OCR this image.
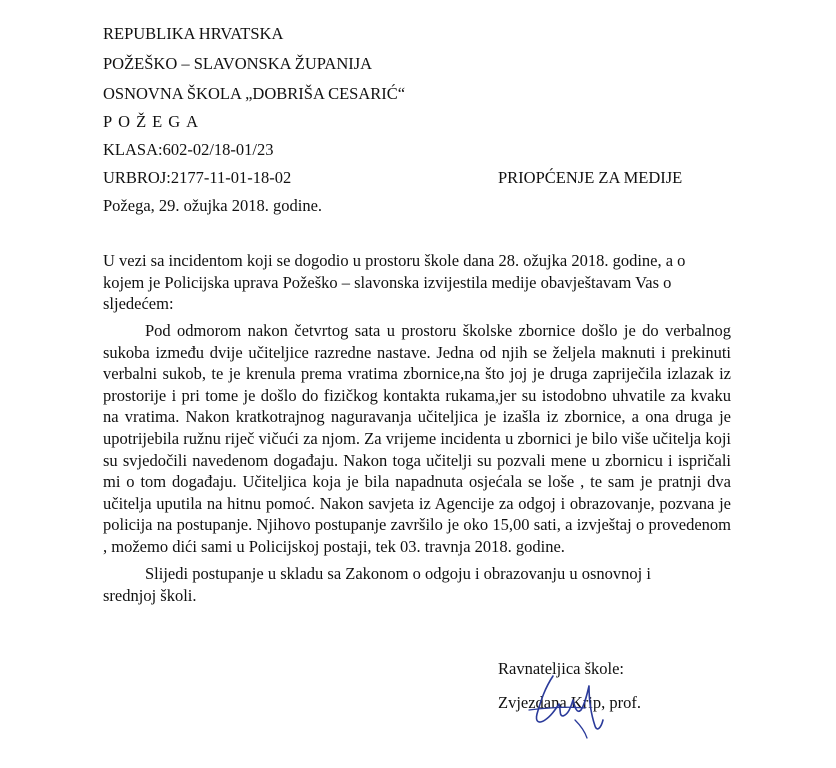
REPUBLIKA HRVATSKA
POŽEŠKO – SLAVONSKA ŽUPANIJA
OSNOVNA ŠKOLA „DOBRIŠA CESARIĆ“
POŽEGA
KLASA:602-02/18-01/23
URBROJ:2177-11-01-18-02
Požega, 29. ožujka 2018. godine.
PRIOPĆENJE ZA MEDIJE

U vezi sa incidentom koji se dogodio u prostoru škole dana 28. ožujka 2018. godine, a o kojem je Policijska uprava Požeško – slavonska izvijestila medije obavještavam Vas o sljedećem:

Pod odmorom nakon četvrtog sata u prostoru školske zbornice došlo je do verbalnog sukoba između dvije učiteljice razredne nastave. Jedna od njih se željela maknuti i prekinuti verbalni sukob, te je krenula prema vratima zbornice,na što joj je druga zapriječila izlazak iz prostorije i pri tome je došlo do fizičkog kontakta rukama,jer su istodobno uhvatile za kvaku na vratima. Nakon kratkotrajnog naguravanja učiteljica je izašla iz zbornice, a ona druga je upotrijebila ružnu riječ vičući za njom. Za vrijeme incidenta u zbornici je bilo više učitelja koji su svjedočili navedenom događaju. Nakon toga učitelji su pozvali mene u zbornicu i ispričali mi o tom događaju. Učiteljica koja je bila napadnuta osjećala se loše , te sam je pratnji dva učitelja uputila na hitnu pomoć. Nakon savjeta iz Agencije za odgoj i obrazovanje, pozvana je policija na postupanje. Njihovo postupanje završilo je oko 15,00 sati, a izvještaj o provedenom , možemo dići sami u Policijskoj postaji, tek 03. travnja 2018. godine.

Slijedi postupanje u skladu sa Zakonom o odgoju i obrazovanju u osnovnoj i srednjoj školi.

Ravnateljica škole:
Zvjezdana Krip, prof.
